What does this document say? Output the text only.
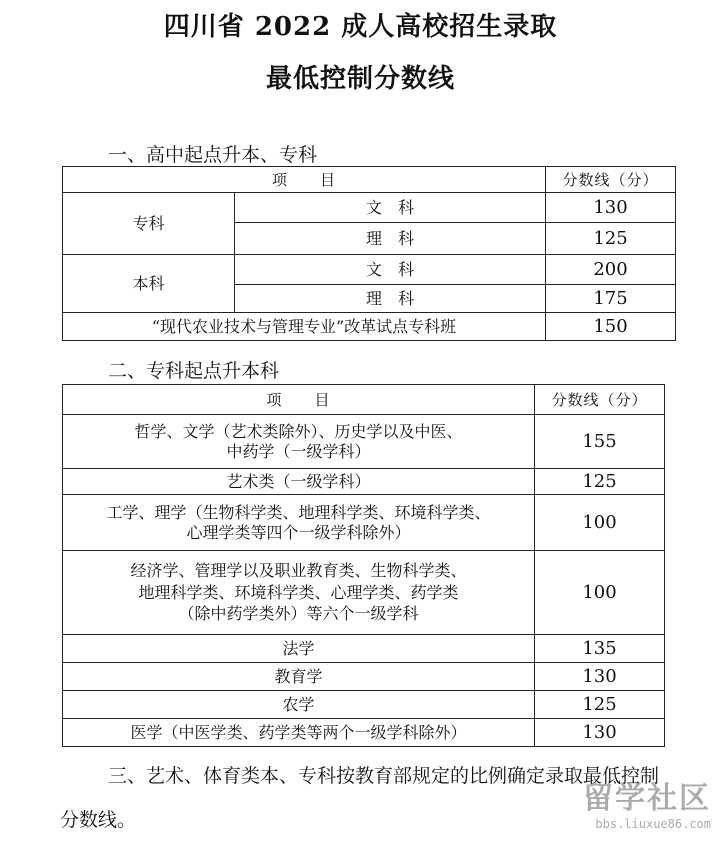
四川省 2022 成人高校招生录取
最低控制分数线
一、高中起点升本、专科
项　　目		分数线（分）
专科	文　科	130
	理　科	125
本科	文　科	200
	理　科	175
“现代农业技术与管理专业”改革试点专科班		150
二、专科起点升本科
项　　目	分数线（分）
哲学、文学（艺术类除外）、历史学以及中医、
中药学（一级学科）	155
艺术类（一级学科）	125
工学、理学（生物科学类、地理科学类、环境科学类、
心理学类等四个一级学科除外）	100
经济学、管理学以及职业教育类、生物科学类、
地理科学类、环境科学类、心理学类、药学类
（除中药学类外）等六个一级学科	100
法学	135
教育学	130
农学	125
医学（中医学类、药学类等两个一级学科除外）	130
三、艺术、体育类本、专科按教育部规定的比例确定录取最低控制分数线。
留学社区
bbs.liuxue86.com
